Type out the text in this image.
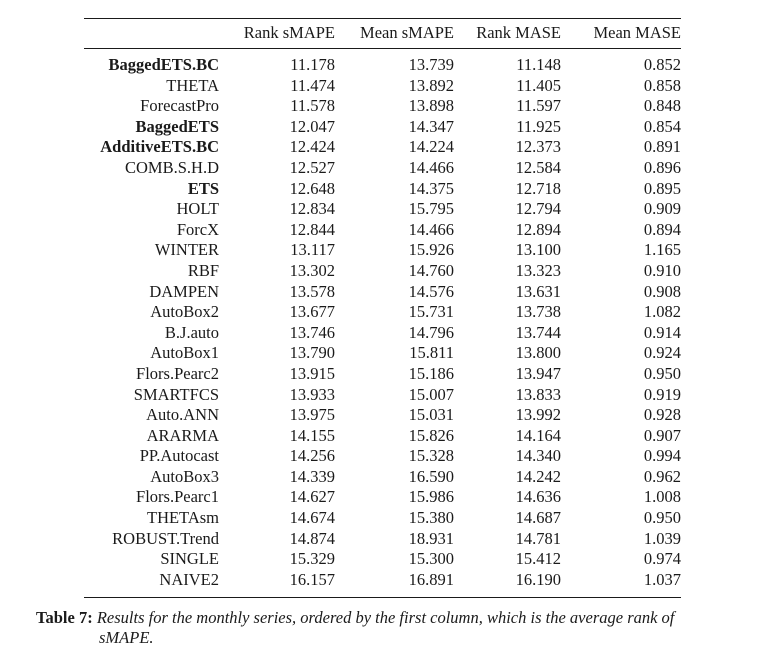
	Rank sMAPE	Mean sMAPE	Rank MASE	Mean MASE
BaggedETS.BC	11.178	13.739	11.148	0.852
THETA	11.474	13.892	11.405	0.858
ForecastPro	11.578	13.898	11.597	0.848
BaggedETS	12.047	14.347	11.925	0.854
AdditiveETS.BC	12.424	14.224	12.373	0.891
COMB.S.H.D	12.527	14.466	12.584	0.896
ETS	12.648	14.375	12.718	0.895
HOLT	12.834	15.795	12.794	0.909
ForcX	12.844	14.466	12.894	0.894
WINTER	13.117	15.926	13.100	1.165
RBF	13.302	14.760	13.323	0.910
DAMPEN	13.578	14.576	13.631	0.908
AutoBox2	13.677	15.731	13.738	1.082
B.J.auto	13.746	14.796	13.744	0.914
AutoBox1	13.790	15.811	13.800	0.924
Flors.Pearc2	13.915	15.186	13.947	0.950
SMARTFCS	13.933	15.007	13.833	0.919
Auto.ANN	13.975	15.031	13.992	0.928
ARARMA	14.155	15.826	14.164	0.907
PP.Autocast	14.256	15.328	14.340	0.994
AutoBox3	14.339	16.590	14.242	0.962
Flors.Pearc1	14.627	15.986	14.636	1.008
THETAsm	14.674	15.380	14.687	0.950
ROBUST.Trend	14.874	18.931	14.781	1.039
SINGLE	15.329	15.300	15.412	0.974
NAIVE2	16.157	16.891	16.190	1.037
Table 7: Results for the monthly series, ordered by the first column, which is the average rank of
sMAPE.
